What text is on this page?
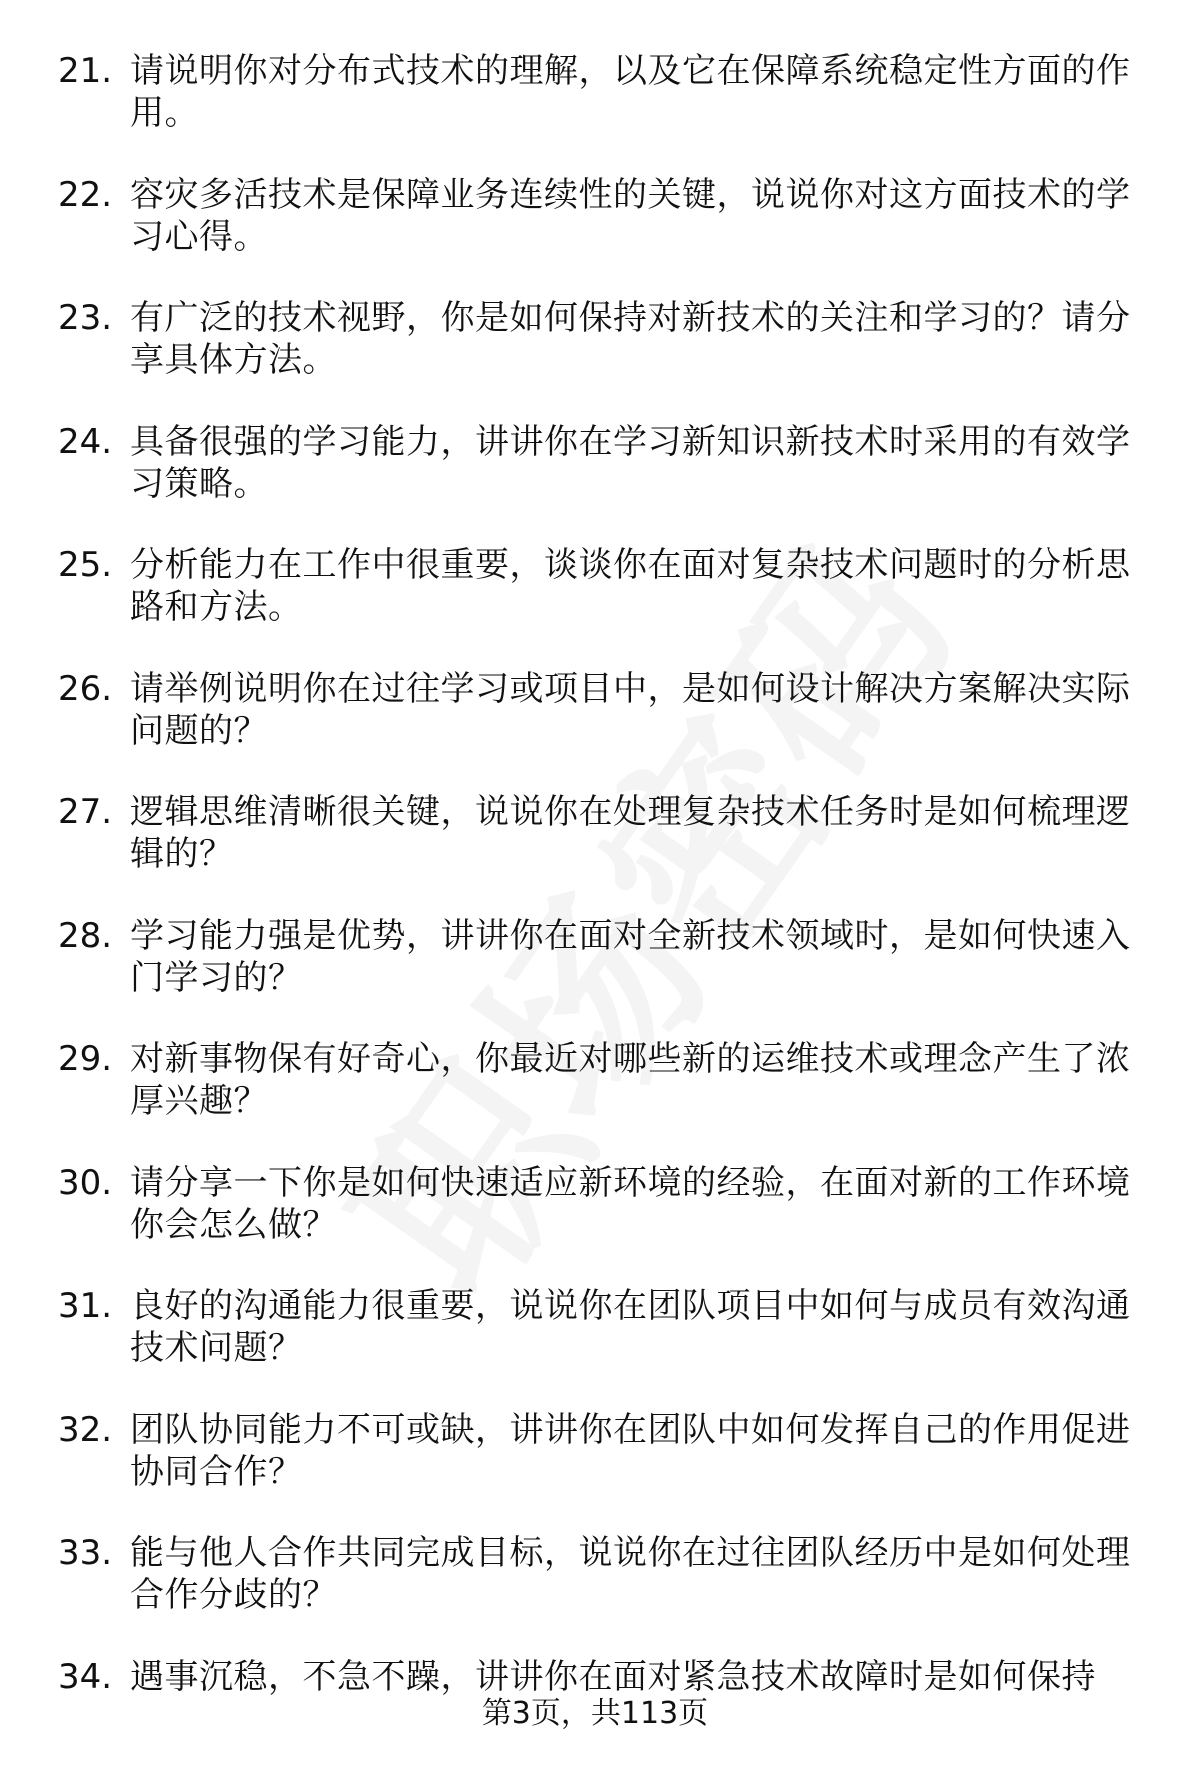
21. 请说明你对分布式技术的理解，以及它在保障系统稳定性方面的作用。
22. 容灾多活技术是保障业务连续性的关键，说说你对这方面技术的学习心得。
23. 有广泛的技术视野，你是如何保持对新技术的关注和学习的？请分享具体方法。
24. 具备很强的学习能力，讲讲你在学习新知识新技术时采用的有效学习策略。
25. 分析能力在工作中很重要，谈谈你在面对复杂技术问题时的分析思路和方法。
26. 请举例说明你在过往学习或项目中，是如何设计解决方案解决实际问题的？
27. 逻辑思维清晰很关键，说说你在处理复杂技术任务时是如何梳理逻辑的？
28. 学习能力强是优势，讲讲你在面对全新技术领域时，是如何快速入门学习的？
29. 对新事物保有好奇心，你最近对哪些新的运维技术或理念产生了浓厚兴趣？
30. 请分享一下你是如何快速适应新环境的经验，在面对新的工作环境你会怎么做？
31. 良好的沟通能力很重要，说说你在团队项目中如何与成员有效沟通技术问题？
32. 团队协同能力不可或缺，讲讲你在团队中如何发挥自己的作用促进协同合作？
33. 能与他人合作共同完成目标，说说你在过往团队经历中是如何处理合作分歧的？
34. 遇事沉稳，不急不躁，讲讲你在面对紧急技术故障时是如何保持
第3页，共113页
